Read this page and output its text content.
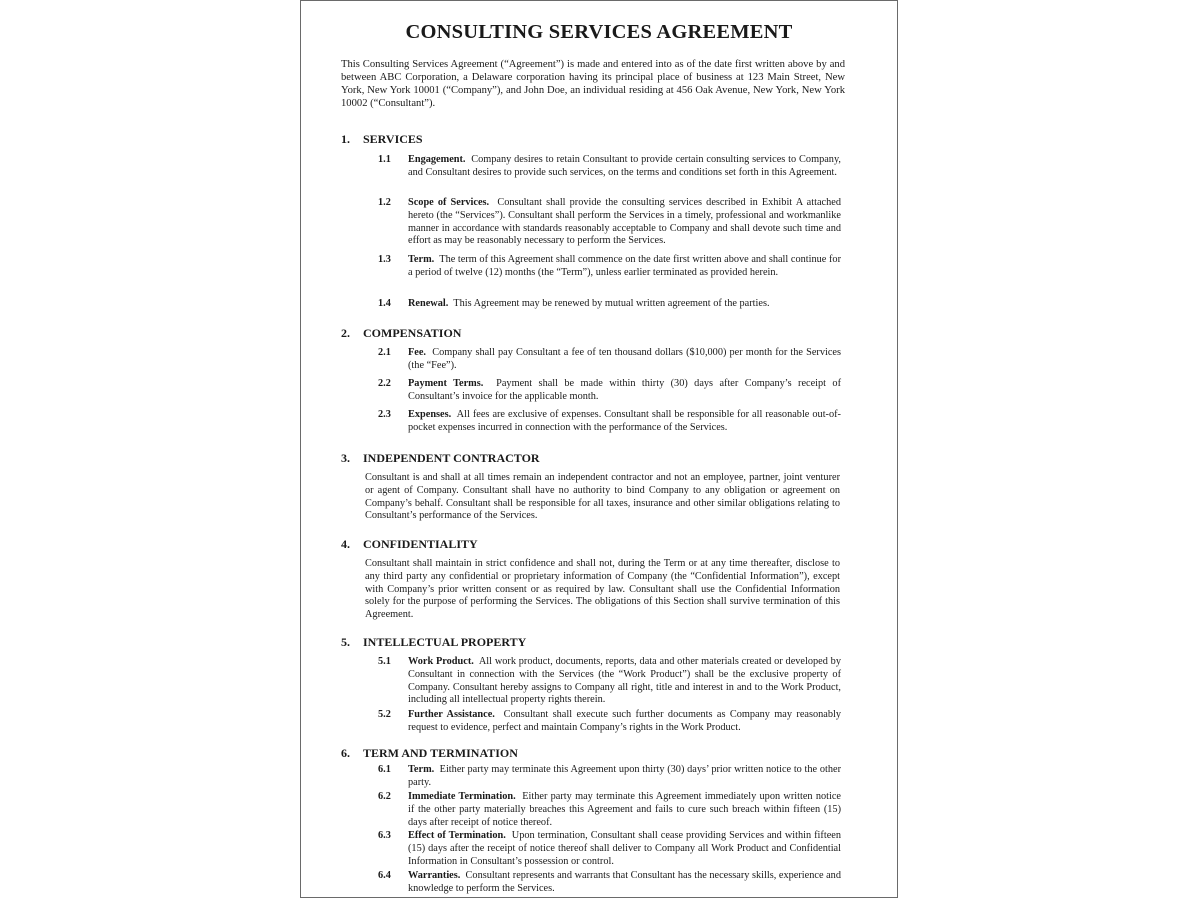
CONSULTING SERVICES AGREEMENT
This Consulting Services Agreement (“Agreement”) is made and entered into as of the date first written above by and between ABC Corporation, a Delaware corporation having its principal place of business at 123 Main Street, New York, New York 10001 (“Company”), and John Doe, an individual residing at 456 Oak Avenue, New York, New York 10002 (“Consultant”).
1. SERVICES
1.1 Engagement. Company desires to retain Consultant to provide certain consulting services to Company, and Consultant desires to provide such services, on the terms and conditions set forth in this Agreement.
1.2 Scope of Services. Consultant shall provide the consulting services described in Exhibit A attached hereto (the “Services”). Consultant shall perform the Services in a timely, professional and workmanlike manner in accordance with standards reasonably acceptable to Company and shall devote such time and effort as may be reasonably necessary to perform the Services.
1.3 Term. The term of this Agreement shall commence on the date first written above and shall continue for a period of twelve (12) months (the “Term”), unless earlier terminated as provided herein.
1.4 Renewal. This Agreement may be renewed by mutual written agreement of the parties.
2. COMPENSATION
2.1 Fee. Company shall pay Consultant a fee of ten thousand dollars ($10,000) per month for the Services (the “Fee”).
2.2 Payment Terms. Payment shall be made within thirty (30) days after Company’s receipt of Consultant’s invoice for the applicable month.
2.3 Expenses. All fees are exclusive of expenses. Consultant shall be responsible for all reasonable out-of-pocket expenses incurred in connection with the performance of the Services.
3. INDEPENDENT CONTRACTOR
Consultant is and shall at all times remain an independent contractor and not an employee, partner, joint venturer or agent of Company. Consultant shall have no authority to bind Company to any obligation or agreement on Company’s behalf. Consultant shall be responsible for all taxes, insurance and other similar obligations relating to Consultant’s performance of the Services.
4. CONFIDENTIALITY
Consultant shall maintain in strict confidence and shall not, during the Term or at any time thereafter, disclose to any third party any confidential or proprietary information of Company (the “Confidential Information”), except with Company’s prior written consent or as required by law. Consultant shall use the Confidential Information solely for the purpose of performing the Services. The obligations of this Section shall survive termination of this Agreement.
5. INTELLECTUAL PROPERTY
5.1 Work Product. All work product, documents, reports, data and other materials created or developed by Consultant in connection with the Services (the “Work Product”) shall be the exclusive property of Company. Consultant hereby assigns to Company all right, title and interest in and to the Work Product, including all intellectual property rights therein.
5.2 Further Assistance. Consultant shall execute such further documents as Company may reasonably request to evidence, perfect and maintain Company’s rights in the Work Product.
6. TERM AND TERMINATION
6.1 Term. Either party may terminate this Agreement upon thirty (30) days’ prior written notice to the other party.
6.2 Immediate Termination. Either party may terminate this Agreement immediately upon written notice if the other party materially breaches this Agreement and fails to cure such breach within fifteen (15) days after receipt of notice thereof.
6.3 Effect of Termination. Upon termination, Consultant shall cease providing Services and within fifteen (15) days after the receipt of notice thereof shall deliver to Company all Work Product and Confidential Information in Consultant’s possession or control.
6.4 Warranties. Consultant represents and warrants that Consultant has the necessary skills, experience and knowledge to perform the Services.
